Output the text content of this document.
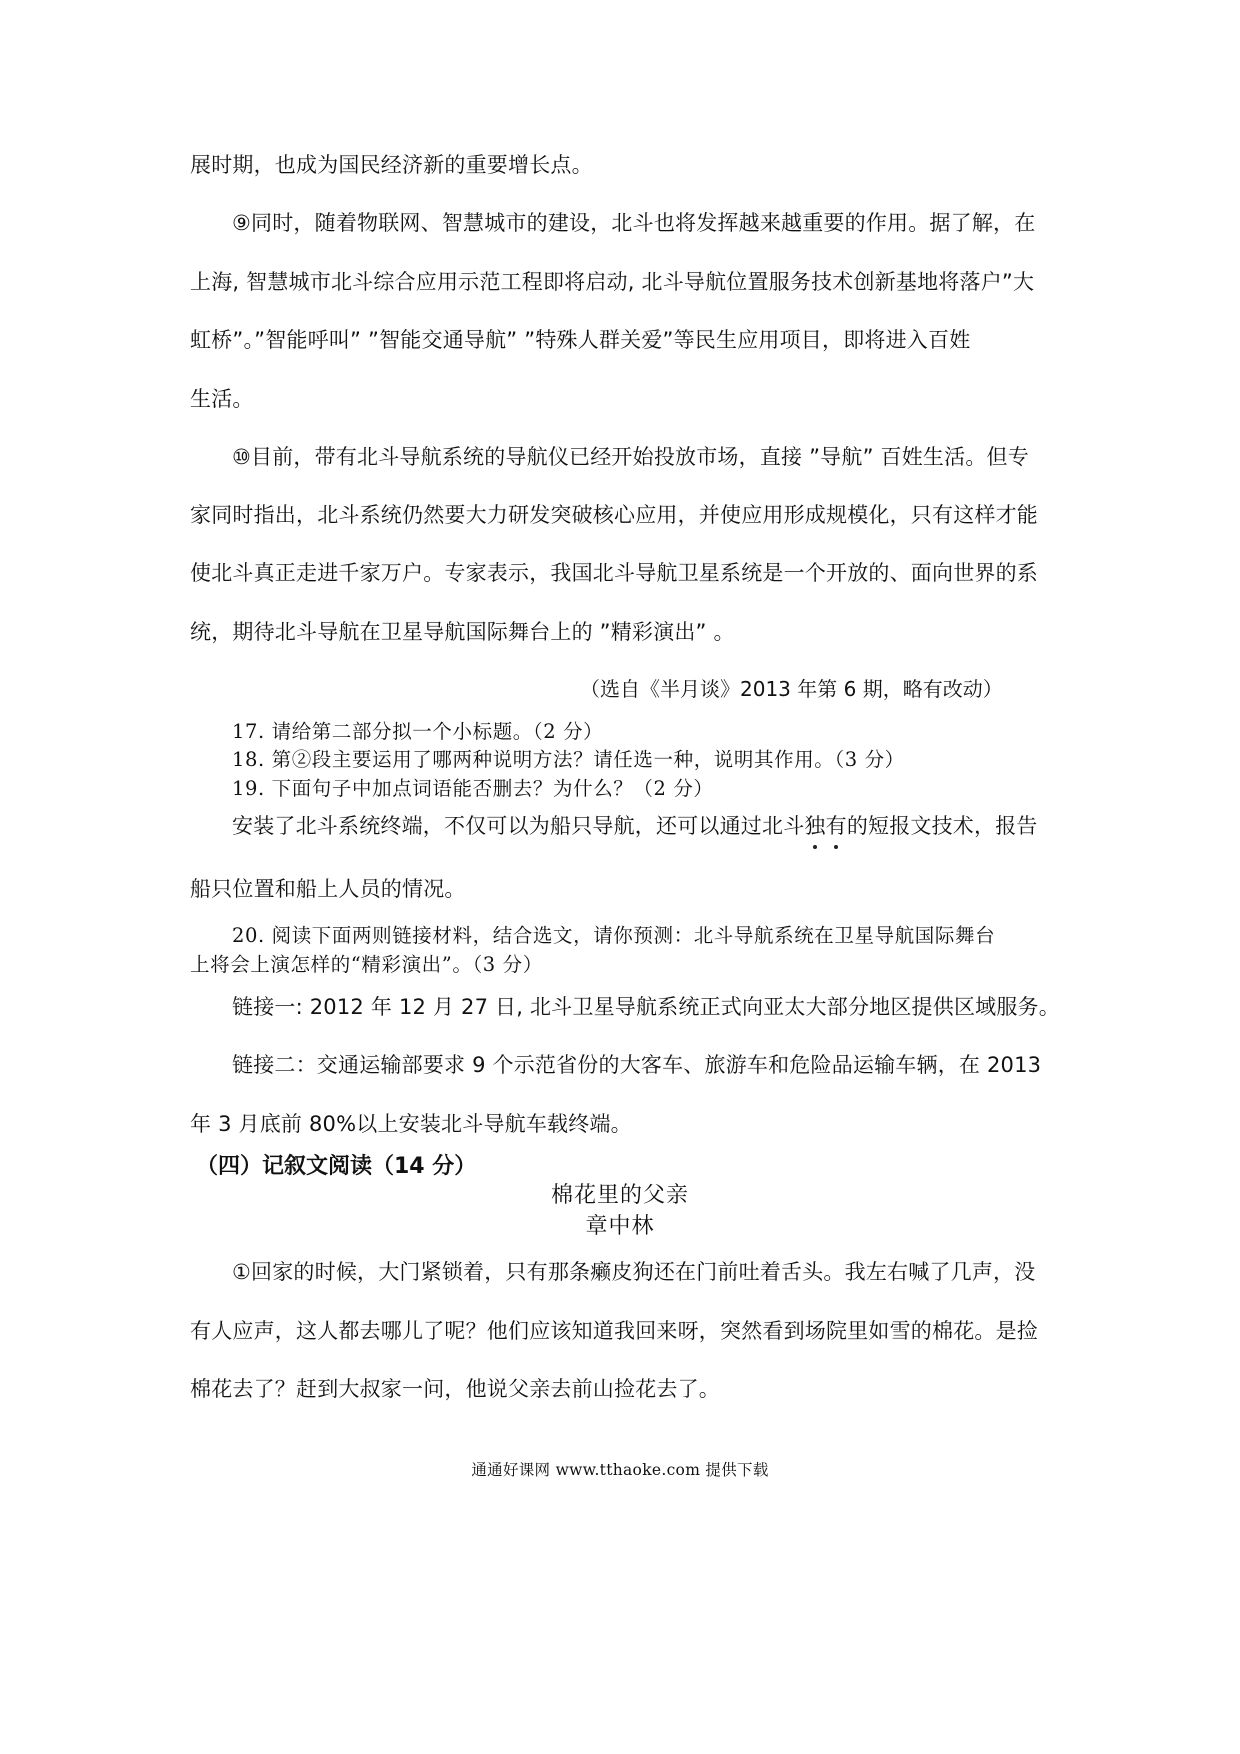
展时期，也成为国民经济新的重要增长点。
⑨同时，随着物联网、智慧城市的建设，北斗也将发挥越来越重要的作用。据了解，在
上海, 智慧城市北斗综合应用示范工程即将启动, 北斗导航位置服务技术创新基地将落户”大
虹桥”。”智能呼叫” ”智能交通导航” ”特殊人群关爱”等民生应用项目，即将进入百姓
生活。
⑩目前，带有北斗导航系统的导航仪已经开始投放市场，直接 ”导航” 百姓生活。但专
家同时指出，北斗系统仍然要大力研发突破核心应用，并使应用形成规模化，只有这样才能
使北斗真正走进千家万户。专家表示，我国北斗导航卫星系统是一个开放的、面向世界的系
统，期待北斗导航在卫星导航国际舞台上的 ”精彩演出” 。
（选自《半月谈》2013 年第 6 期，略有改动）
17. 请给第二部分拟一个小标题。（2 分）
18. 第②段主要运用了哪两种说明方法？请任选一种，说明其作用。（3 分）
19. 下面句子中加点词语能否删去？为什么？（2 分）
安装了北斗系统终端，不仅可以为船只导航，还可以通过北斗独有的短报文技术，报告
船只位置和船上人员的情况。
20. 阅读下面两则链接材料，结合选文，请你预测：北斗导航系统在卫星导航国际舞台
上将会上演怎样的“精彩演出”。（3 分）
链接一: 2012 年 12 月 27 日, 北斗卫星导航系统正式向亚太大部分地区提供区域服务。
链接二：交通运输部要求 9 个示范省份的大客车、旅游车和危险品运输车辆，在 2013
年 3 月底前 80%以上安装北斗导航车载终端。
（四）记叙文阅读（14 分）
棉花里的父亲
章中林
①回家的时候，大门紧锁着，只有那条癞皮狗还在门前吐着舌头。我左右喊了几声，没
有人应声，这人都去哪儿了呢？他们应该知道我回来呀，突然看到场院里如雪的棉花。是捡
棉花去了？赶到大叔家一问，他说父亲去前山捡花去了。
通通好课网 www.tthaoke.com 提供下载
